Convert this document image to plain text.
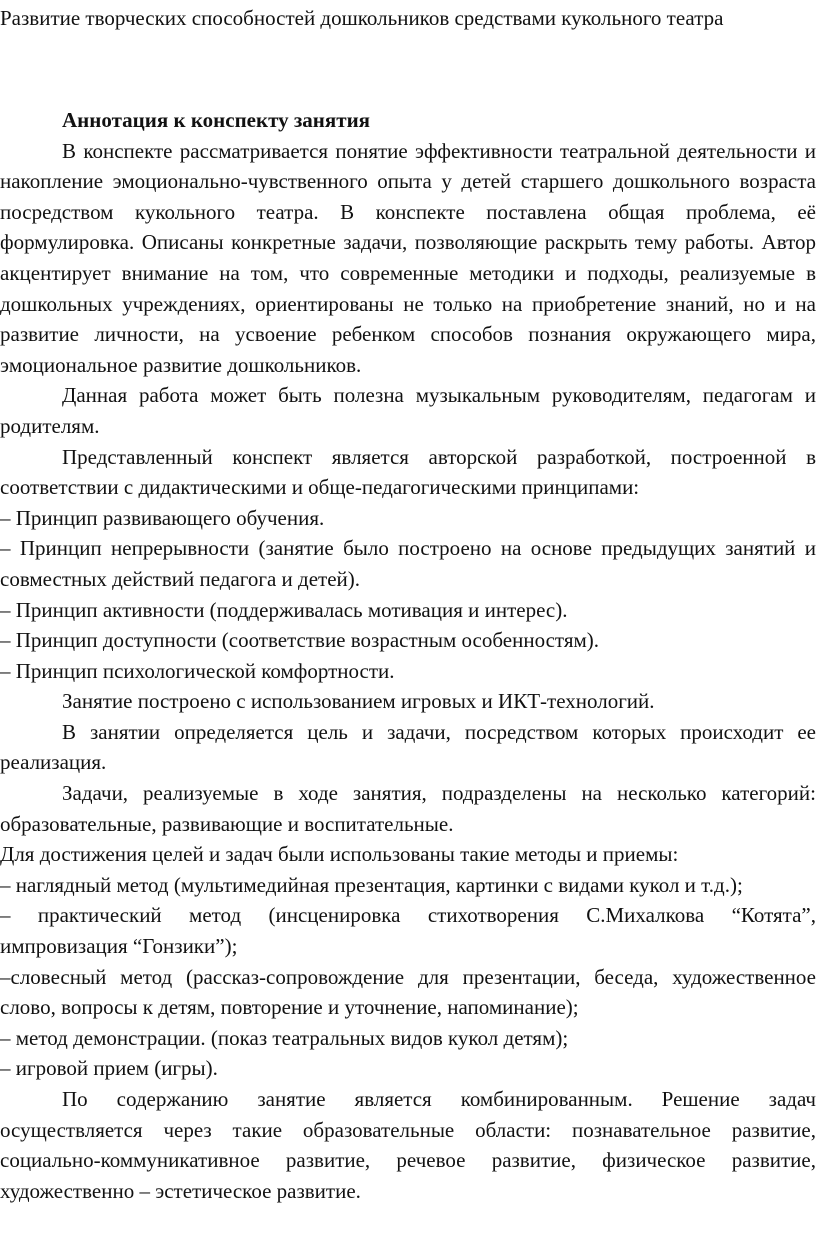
Развитие творческих способностей дошкольников средствами кукольного театра

Аннотация к конспекту занятия

В конспекте рассматривается понятие эффективности театральной деятельности и накопление эмоционально-чувственного опыта у детей старшего дошкольного возраста посредством кукольного театра. В конспекте поставлена общая проблема, её формулировка. Описаны конкретные задачи, позволяющие раскрыть тему работы. Автор акцентирует внимание на том, что современные методики и подходы, реализуемые в дошкольных учреждениях, ориентированы не только на приобретение знаний, но и на развитие личности, на усвоение ребенком способов познания окружающего мира, эмоциональное развитие дошкольников.

Данная работа может быть полезна музыкальным руководителям, педагогам и родителям.

Представленный конспект является авторской разработкой, построенной в соответствии с дидактическими и обще-педагогическими принципами:

– Принцип развивающего обучения.

– Принцип непрерывности (занятие было построено на основе предыдущих занятий и совместных действий педагога и детей).

– Принцип активности (поддерживалась мотивация и интерес).

– Принцип доступности (соответствие возрастным особенностям).

– Принцип психологической комфортности.

Занятие построено с использованием игровых и ИКТ-технологий.

В занятии определяется цель и задачи, посредством которых происходит ее реализация.

Задачи, реализуемые в ходе занятия, подразделены на несколько категорий: образовательные, развивающие и воспитательные.

Для достижения целей и задач были использованы такие методы и приемы:

– наглядный метод (мультимедийная презентация, картинки с видами кукол и т.д.);

– практический метод (инсценировка стихотворения С.Михалкова “Котята”, импровизация “Гонзики”);

–словесный метод (рассказ-сопровождение для презентации, беседа, художественное слово, вопросы к детям, повторение и уточнение, напоминание);

– метод демонстрации. (показ театральных видов кукол детям);

– игровой прием (игры).

По содержанию занятие является комбинированным. Решение задач осуществляется через такие образовательные области: познавательное развитие, социально-коммуникативное развитие, речевое развитие, физическое развитие, художественно – эстетическое развитие.
